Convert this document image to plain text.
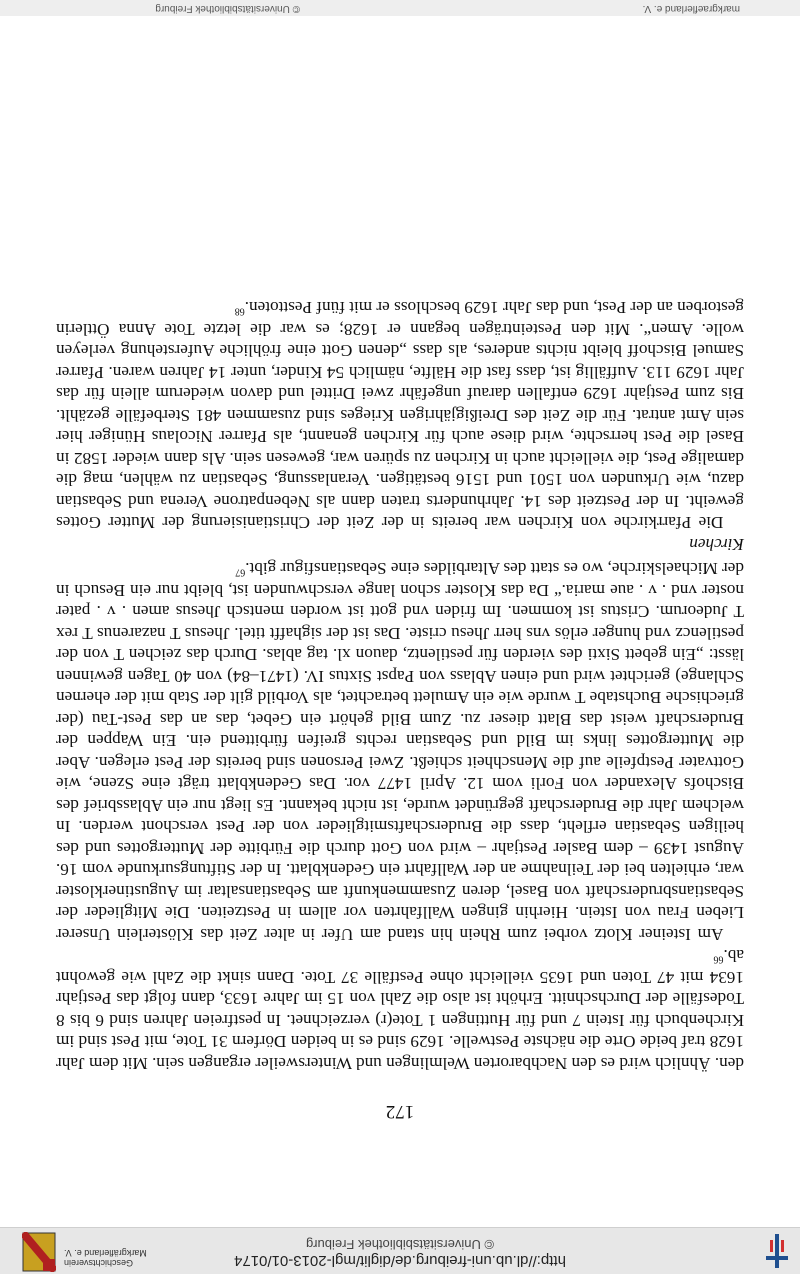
http://dl.ub.uni-freiburg.de/diglit/mgl-2013-01/0174
© Universitätsbibliothek Freiburg
Geschichtsverein
Markgräflerland e. V.
172

den. Ähnlich wird es den Nachbarorten Welmlingen und Wintersweiler ergangen sein. Mit dem Jahr 1628 traf beide Orte die nächste Pestwelle. 1629 sind es in beiden Dörfern 31 Tote, mit Pest sind im Kirchenbuch für Istein 7 und für Huttingen 1 Tote(r) verzeichnet. In pestfreien Jahren sind 6 bis 8 Todesfälle der Durchschnitt. Erhöht ist also die Zahl von 15 im Jahre 1633, dann folgt das Pestjahr 1634 mit 47 Toten und 1635 vielleicht ohne Pestfälle 37 Tote. Dann sinkt die Zahl wie gewohnt ab.$^{66}$

Am Isteiner Klotz vorbei zum Rhein hin stand am Ufer in alter Zeit das Klösterlein Unserer Lieben Frau von Istein. Hierhin gingen Wallfahrten vor allem in Pestzeiten. Die Mitglieder der Sebastiansbruderschaft von Basel, deren Zusammenkunft am Sebastiansaltar im Augustinerkloster war, erhielten bei der Teilnahme an der Wallfahrt ein Gedenkblatt. In der Stiftungsurkunde vom 16. August 1439 – dem Basler Pestjahr – wird von Gott durch die Fürbitte der Muttergottes und des heiligen Sebastian erfleht, dass die Bruderschaftsmitglieder von der Pest verschont werden. In welchem Jahr die Bruderschaft gegründet wurde, ist nicht bekannt. Es liegt nur ein Ablassbrief des Bischofs Alexander von Forli vom 12. April 1477 vor. Das Gedenkblatt trägt eine Szene, wie Gottvater Pestpfeile auf die Menschheit schießt. Zwei Personen sind bereits der Pest erlegen. Aber die Muttergottes links im Bild und Sebastian rechts greifen fürbittend ein. Ein Wappen der Bruderschaft weist das Blatt dieser zu. Zum Bild gehört ein Gebet, das an das Pest-Tau (der griechische Buchstabe T wurde wie ein Amulett betrachtet, als Vorbild gilt der Stab mit der ehernen Schlange) gerichtet wird und einen Ablass von Papst Sixtus IV. (1471–84) von 40 Tagen gewinnen lässt: „Ein gebett Sixti des vierden für pestilentz, dauon xl. tag ablas. Durch das zeichen T von der pestilencz vnd hunger erlös vns herr Jhesu criste. Das ist der sighafft titel. Jhesus T nazarenus T rex T Judeorum. Cristus ist kommen. Im friden vnd gott ist worden mentsch Jhesus amen . v . pater noster vnd . v . aue maria.“ Da das Kloster schon lange verschwunden ist, bleibt nur ein Besuch in der Michaelskirche, wo es statt des Altarbildes eine Sebastiansfigur gibt.$^{67}$

Kirchen

Die Pfarrkirche von Kirchen war bereits in der Zeit der Christianisierung der Mutter Gottes geweiht. In der Pestzeit des 14. Jahrhunderts traten dann als Nebenpatrone Verena und Sebastian dazu, wie Urkunden von 1501 und 1516 bestätigen. Veranlassung, Sebastian zu wählen, mag die damalige Pest, die vielleicht auch in Kirchen zu spüren war, gewesen sein. Als dann wieder 1582 in Basel die Pest herrschte, wird diese auch für Kirchen genannt, als Pfarrer Nicolaus Hüniger hier sein Amt antrat. Für die Zeit des Dreißigjährigen Krieges sind zusammen 481 Sterbefälle gezählt. Bis zum Pestjahr 1629 entfallen darauf ungefähr zwei Drittel und davon wiederum allein für das Jahr 1629 113. Auffällig ist, dass fast die Hälfte, nämlich 54 Kinder, unter 14 Jahren waren. Pfarrer Samuel Bischoff bleibt nichts anderes, als dass „denen Gott eine fröhliche Auferstehung verleyen wolle. Amen“. Mit den Pesteinträgen begann er 1628; es war die letzte Tote Anna Öttlerin gestorben an der Pest, und das Jahr 1629 beschloss er mit fünf Pesttoten.$^{68}$

markgraeflerland e. V.
© Universitätsbibliothek Freiburg
